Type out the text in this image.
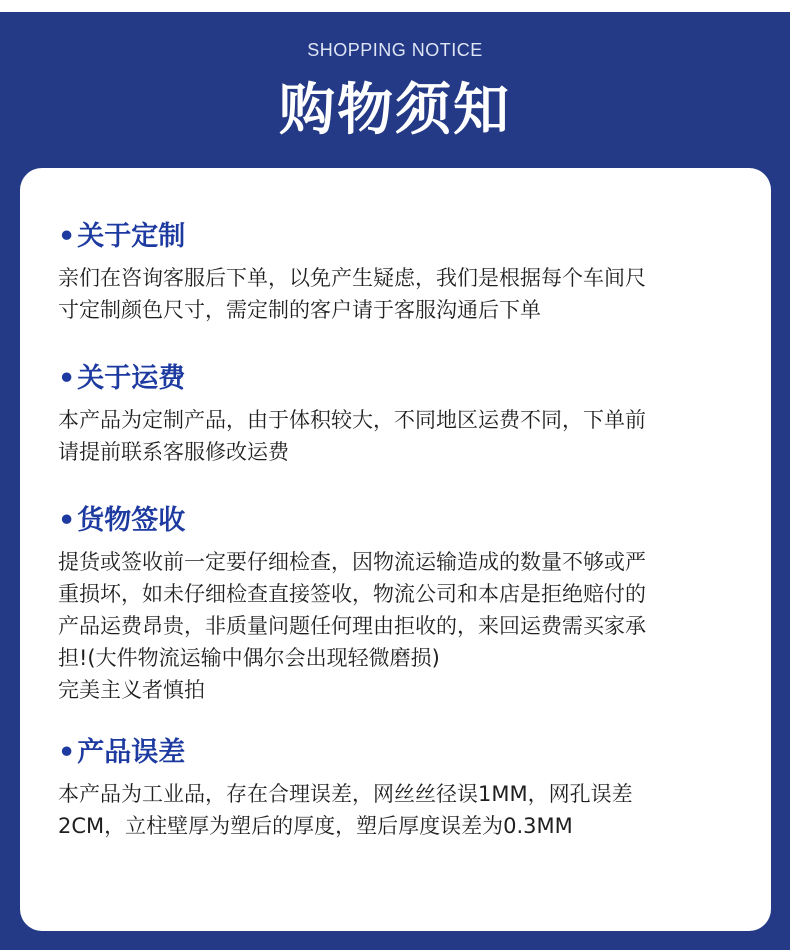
SHOPPING NOTICE
购物须知
•关于定制
亲们在咨询客服后下单，以免产生疑虑，我们是根据每个车间尺
寸定制颜色尺寸，需定制的客户请于客服沟通后下单
•关于运费
本产品为定制产品，由于体积较大，不同地区运费不同，下单前
请提前联系客服修改运费
•货物签收
提货或签收前一定要仔细检查，因物流运输造成的数量不够或严
重损坏，如未仔细检查直接签收，物流公司和本店是拒绝赔付的
产品运费昂贵，非质量问题任何理由拒收的，来回运费需买家承
担!(大件物流运输中偶尔会出现轻微磨损)
完美主义者慎拍
•产品误差
本产品为工业品，存在合理误差，网丝丝径误1MM，网孔误差
2CM，立柱壁厚为塑后的厚度，塑后厚度误差为0.3MM
